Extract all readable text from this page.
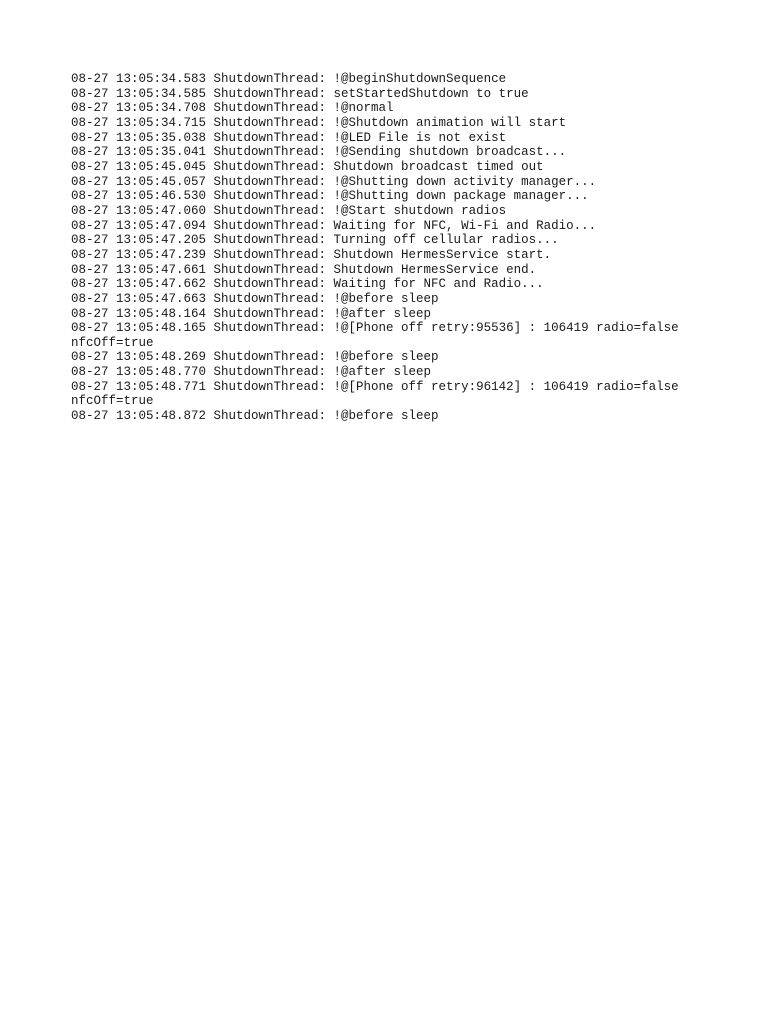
08-27 13:05:34.583 ShutdownThread: !@beginShutdownSequence
08-27 13:05:34.585 ShutdownThread: setStartedShutdown to true
08-27 13:05:34.708 ShutdownThread: !@normal
08-27 13:05:34.715 ShutdownThread: !@Shutdown animation will start
08-27 13:05:35.038 ShutdownThread: !@LED File is not exist
08-27 13:05:35.041 ShutdownThread: !@Sending shutdown broadcast...
08-27 13:05:45.045 ShutdownThread: Shutdown broadcast timed out
08-27 13:05:45.057 ShutdownThread: !@Shutting down activity manager...
08-27 13:05:46.530 ShutdownThread: !@Shutting down package manager...
08-27 13:05:47.060 ShutdownThread: !@Start shutdown radios
08-27 13:05:47.094 ShutdownThread: Waiting for NFC, Wi-Fi and Radio...
08-27 13:05:47.205 ShutdownThread: Turning off cellular radios...
08-27 13:05:47.239 ShutdownThread: Shutdown HermesService start.
08-27 13:05:47.661 ShutdownThread: Shutdown HermesService end.
08-27 13:05:47.662 ShutdownThread: Waiting for NFC and Radio...
08-27 13:05:47.663 ShutdownThread: !@before sleep
08-27 13:05:48.164 ShutdownThread: !@after sleep
08-27 13:05:48.165 ShutdownThread: !@[Phone off retry:95536] : 106419 radio=false nfcOff=true
08-27 13:05:48.269 ShutdownThread: !@before sleep
08-27 13:05:48.770 ShutdownThread: !@after sleep
08-27 13:05:48.771 ShutdownThread: !@[Phone off retry:96142] : 106419 radio=false nfcOff=true
08-27 13:05:48.872 ShutdownThread: !@before sleep
